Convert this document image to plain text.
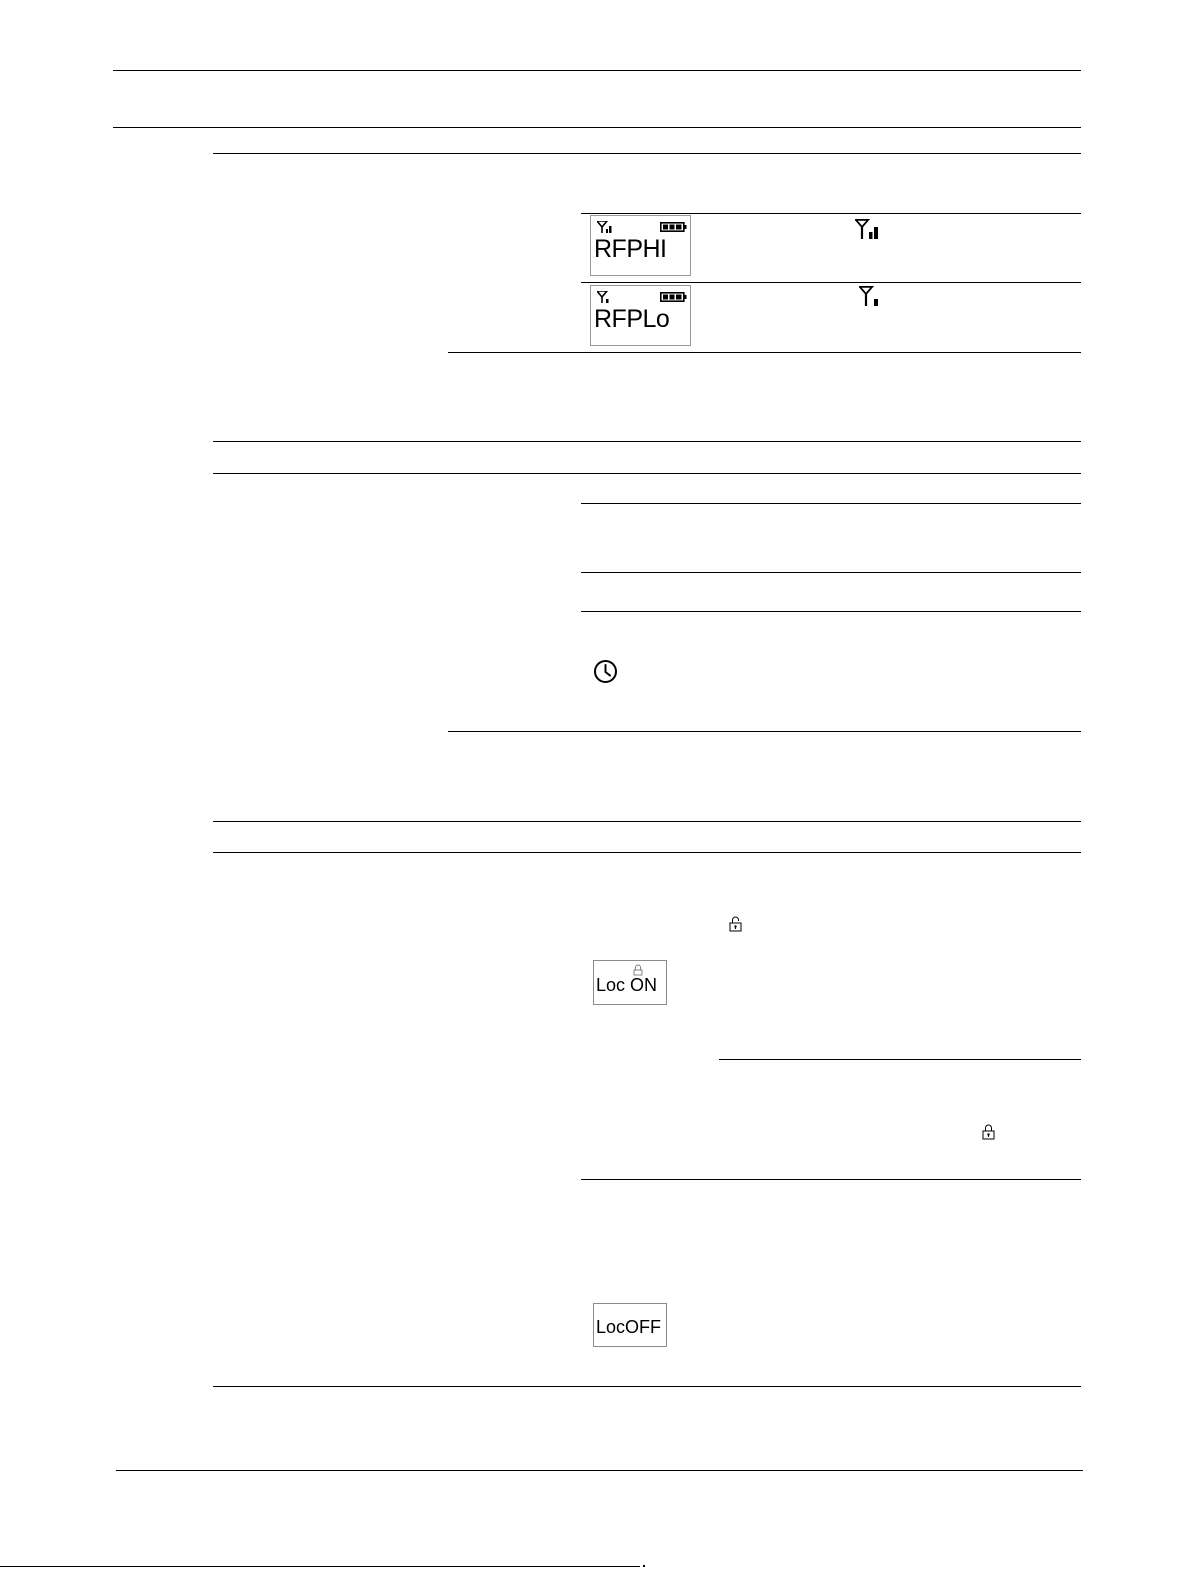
RFPHI
RFPLo
Loc ON
LocOFF
